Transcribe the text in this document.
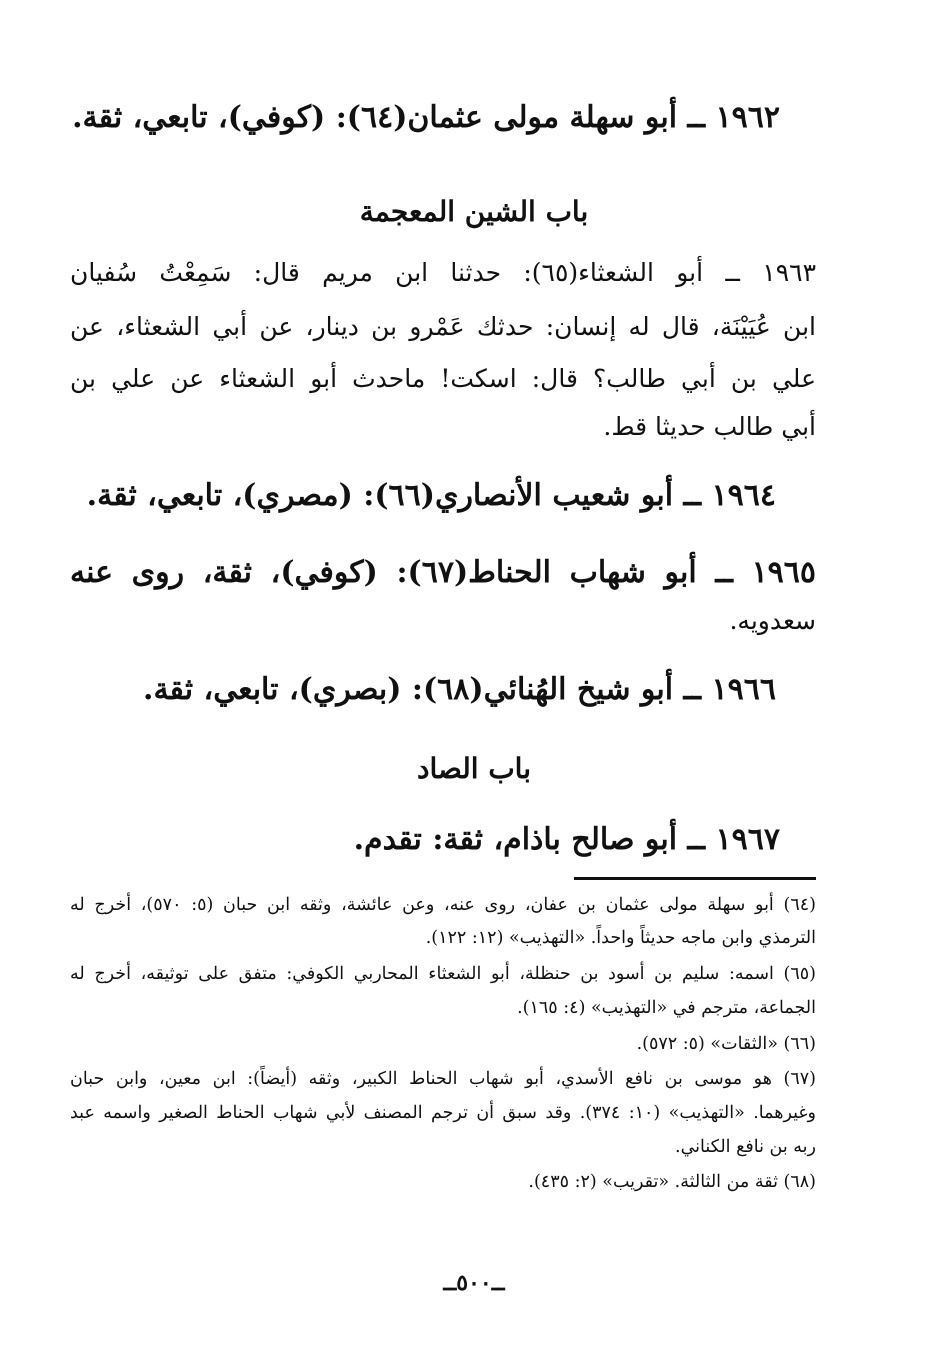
١٩٦٢ ــ أبو سهلة مولى عثمان(٦٤): (كوفي)، تابعي، ثقة.
باب الشين المعجمة
١٩٦٣ ــ أبو الشعثاء(٦٥): حدثنا ابن مريم قال: سَمِعْتُ سُفيان
ابن عُيَيْنَة، قال له إنسان: حدثك عَمْرو بن دينار، عن أبي الشعثاء، عن
علي بن أبي طالب؟ قال: اسكت! ماحدث أبو الشعثاء عن علي بن
أبي طالب حديثا قط.
١٩٦٤ ــ أبو شعيب الأنصاري(٦٦): (مصري)، تابعي، ثقة.
١٩٦٥ ــ أبو شهاب الحناط(٦٧): (كوفي)، ثقة، روى عنه
سعدويه.
١٩٦٦ ــ أبو شيخ الهُنائي(٦٨): (بصري)، تابعي، ثقة.
باب الصاد
١٩٦٧ ــ أبو صالح باذام، ثقة: تقدم.
(٦٤) أبو سهلة مولى عثمان بن عفان، روى عنه، وعن عائشة، وثقه ابن حبان (٥: ٥٧٠)، أخرج له
الترمذي وابن ماجه حديثاً واحداً. «التهذيب» (١٢: ١٢٢).
(٦٥) اسمه: سليم بن أسود بن حنظلة، أبو الشعثاء المحاربي الكوفي: متفق على توثيقه، أخرج له
الجماعة، مترجم في «التهذيب» (٤: ١٦٥).
(٦٦) «الثقات» (٥: ٥٧٢).
(٦٧) هو موسى بن نافع الأسدي، أبو شهاب الحناط الكبير، وثقه (أيضاً): ابن معين، وابن حبان
وغيرهما. «التهذيب» (١٠: ٣٧٤). وقد سبق أن ترجم المصنف لأبي شهاب الحناط الصغير واسمه عبد
ربه بن نافع الكناني.
(٦٨) ثقة من الثالثة. «تقريب» (٢: ٤٣٥).
ــ٥٠٠ــ
